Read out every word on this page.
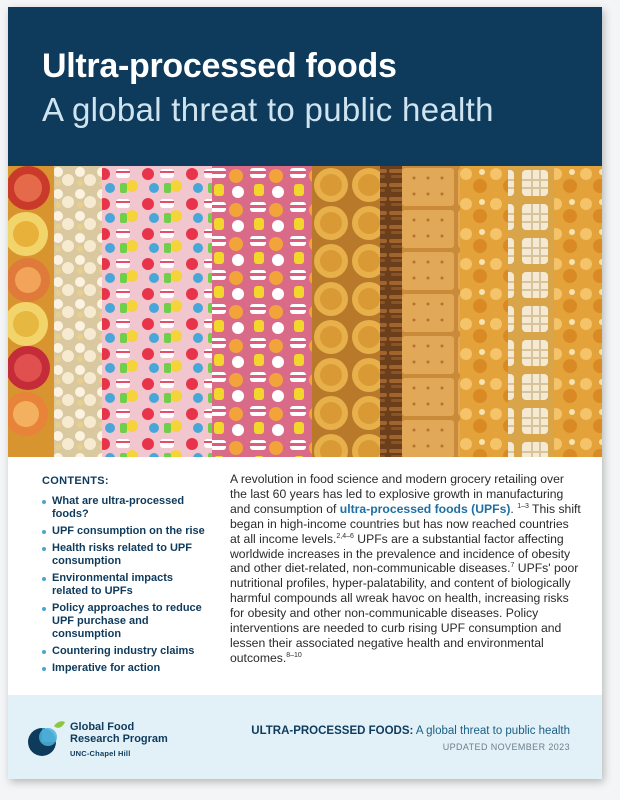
Ultra-processed foods
A global threat to public health
CONTENTS:
What are ultra-processed foods?
UPF consumption on the rise
Health risks related to UPF consumption
Environmental impacts related to UPFs
Policy approaches to reduce UPF purchase and consumption
Countering industry claims
Imperative for action
A revolution in food science and modern grocery retailing over the last 60 years has led to explosive growth in manufacturing and consumption of ultra-processed foods (UPFs). $^{1-3}$ This shift began in high-income countries but has now reached countries at all income levels.$^{2,4-6}$ UPFs are a substantial factor affecting worldwide increases in the prevalence and incidence of obesity and other diet-related, non-communicable diseases.$^7$ UPFs' poor nutritional profiles, hyper-palatability, and content of biologically harmful compounds all wreak havoc on health, increasing risks for obesity and other non-communicable diseases. Policy interventions are needed to curb rising UPF consumption and lessen their associated negative health and environmental outcomes.$^{8-10}$
Global Food
Research Program
UNC-Chapel Hill
ULTRA-PROCESSED FOODS: A global threat to public health
UPDATED NOVEMBER 2023
